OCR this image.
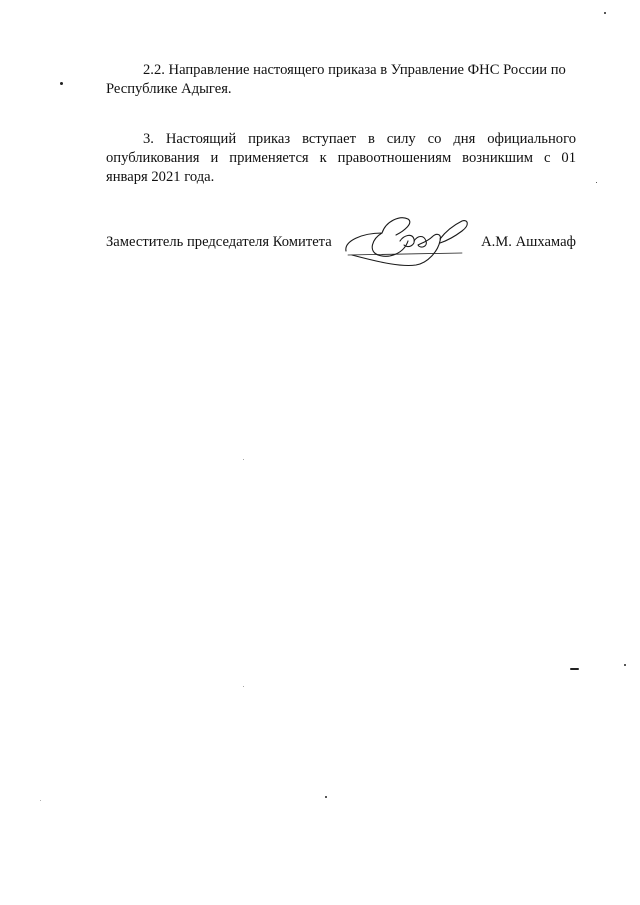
2.2. Направление настоящего приказа в Управление ФНС России по
Республике Адыгея.

3. Настоящий приказ вступает в силу со дня официального
опубликования и применяется к правоотношениям возникшим с 01
января 2021 года.

Заместитель председателя Комитета	А.М. Ашхамаф
